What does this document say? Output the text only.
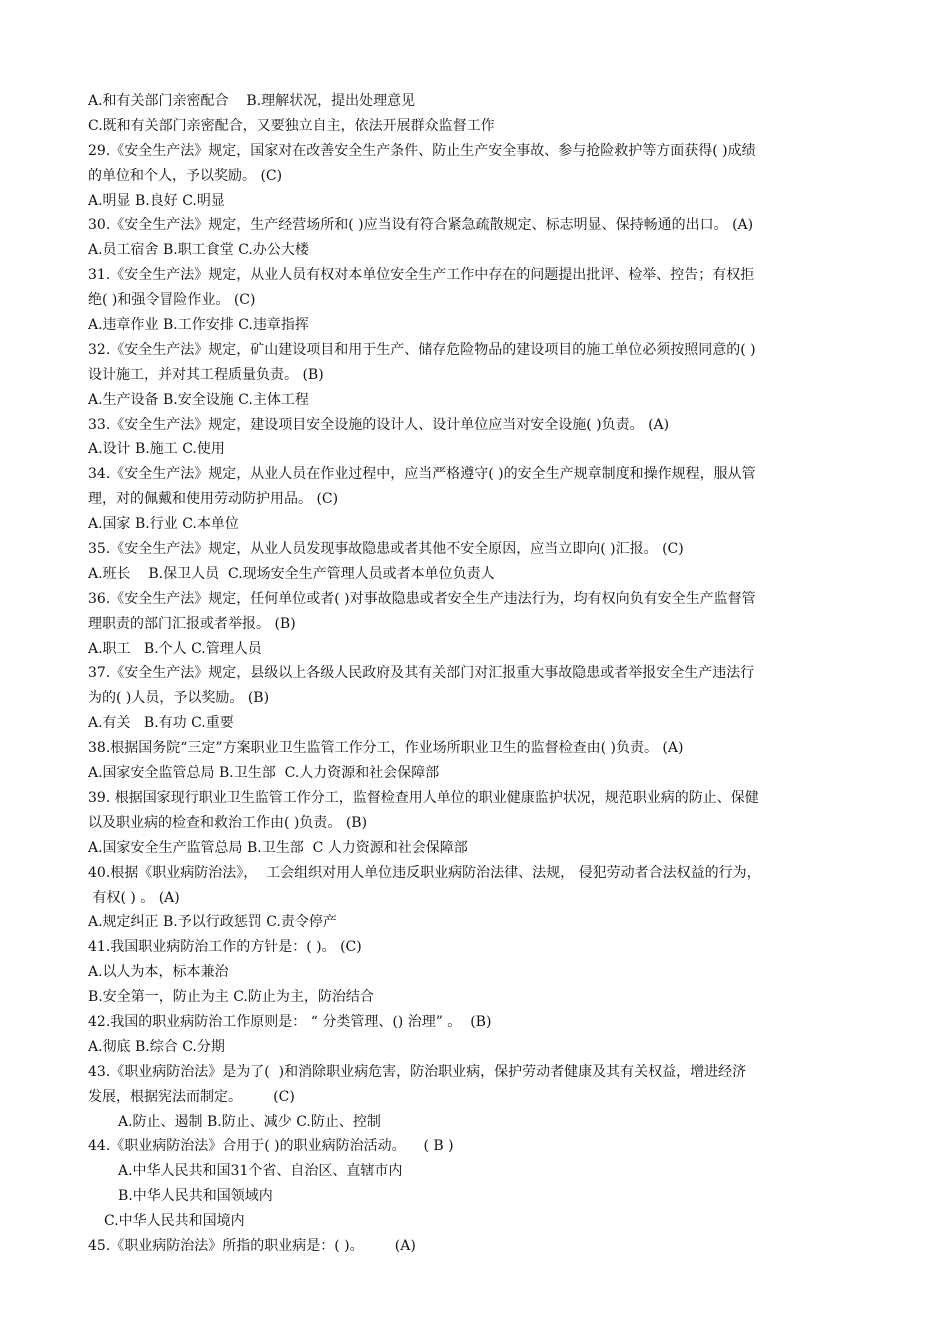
A.和有关部门亲密配合    B.理解状况，提出处理意见
C.既和有关部门亲密配合，又要独立自主，依法开展群众监督工作
29.《安全生产法》规定，国家对在改善安全生产条件、防止生产安全事故、参与抢险救护等方面获得( )成绩
的单位和个人，予以奖励。 (C)
A.明显 B.良好 C.明显
30.《安全生产法》规定，生产经营场所和( )应当设有符合紧急疏散规定、标志明显、保持畅通的出口。 (A)
A.员工宿舍 B.职工食堂 C.办公大楼
31.《安全生产法》规定，从业人员有权对本单位安全生产工作中存在的问题提出批评、检举、控告；有权拒
绝( )和强令冒险作业。 (C)
A.违章作业 B.工作安排 C.违章指挥
32.《安全生产法》规定，矿山建设项目和用于生产、储存危险物品的建设项目的施工单位必须按照同意的( )
设计施工，并对其工程质量负责。 (B)
A.生产设备 B.安全设施 C.主体工程
33.《安全生产法》规定，建设项目安全设施的设计人、设计单位应当对安全设施( )负责。 (A)
A.设计 B.施工 C.使用
34.《安全生产法》规定，从业人员在作业过程中，应当严格遵守( )的安全生产规章制度和操作规程，服从管
理，对的佩戴和使用劳动防护用品。 (C)
A.国家 B.行业 C.本单位
35.《安全生产法》规定，从业人员发现事故隐患或者其他不安全原因，应当立即向( )汇报。 (C)
A.班长    B.保卫人员  C.现场安全生产管理人员或者本单位负责人
36.《安全生产法》规定，任何单位或者( )对事故隐患或者安全生产违法行为，均有权向负有安全生产监督管
理职责的部门汇报或者举报。 (B)
A.职工   B.个人 C.管理人员
37.《安全生产法》规定，县级以上各级人民政府及其有关部门对汇报重大事故隐患或者举报安全生产违法行
为的( )人员，予以奖励。 (B)
A.有关   B.有功 C.重要
38.根据国务院“三定”方案职业卫生监管工作分工，作业场所职业卫生的监督检查由( )负责。 (A)
A.国家安全监管总局 B.卫生部  C.人力资源和社会保障部
39. 根据国家现行职业卫生监管工作分工，监督检查用人单位的职业健康监护状况，规范职业病的防止、保健
以及职业病的检查和救治工作由( )负责。 (B)
A.国家安全生产监管总局 B.卫生部  C 人力资源和社会保障部
40.根据《职业病防治法》，  工会组织对用人单位违反职业病防治法律、法规， 侵犯劳动者合法权益的行为，
有权( ) 。 (A)
A.规定纠正 B.予以行政惩罚 C.责令停产
41.我国职业病防治工作的方针是：( )。 (C)
A.以人为本，标本兼治
B.安全第一，防止为主 C.防止为主，防治结合
42.我国的职业病防治工作原则是： “ 分类管理、() 治理” 。  (B)
A.彻底 B.综合 C.分期
43.《职业病防治法》是为了(  )和消除职业病危害，防治职业病，保护劳动者健康及其有关权益，增进经济
发展，根据宪法而制定。       (C)
A.防止、遏制 B.防止、减少 C.防止、控制
44.《职业病防治法》合用于( )的职业病防治活动。    ( B )
A.中华人民共和国31个省、自治区、直辖市内
B.中华人民共和国领域内
C.中华人民共和国境内
45.《职业病防治法》所指的职业病是：( )。       (A)
